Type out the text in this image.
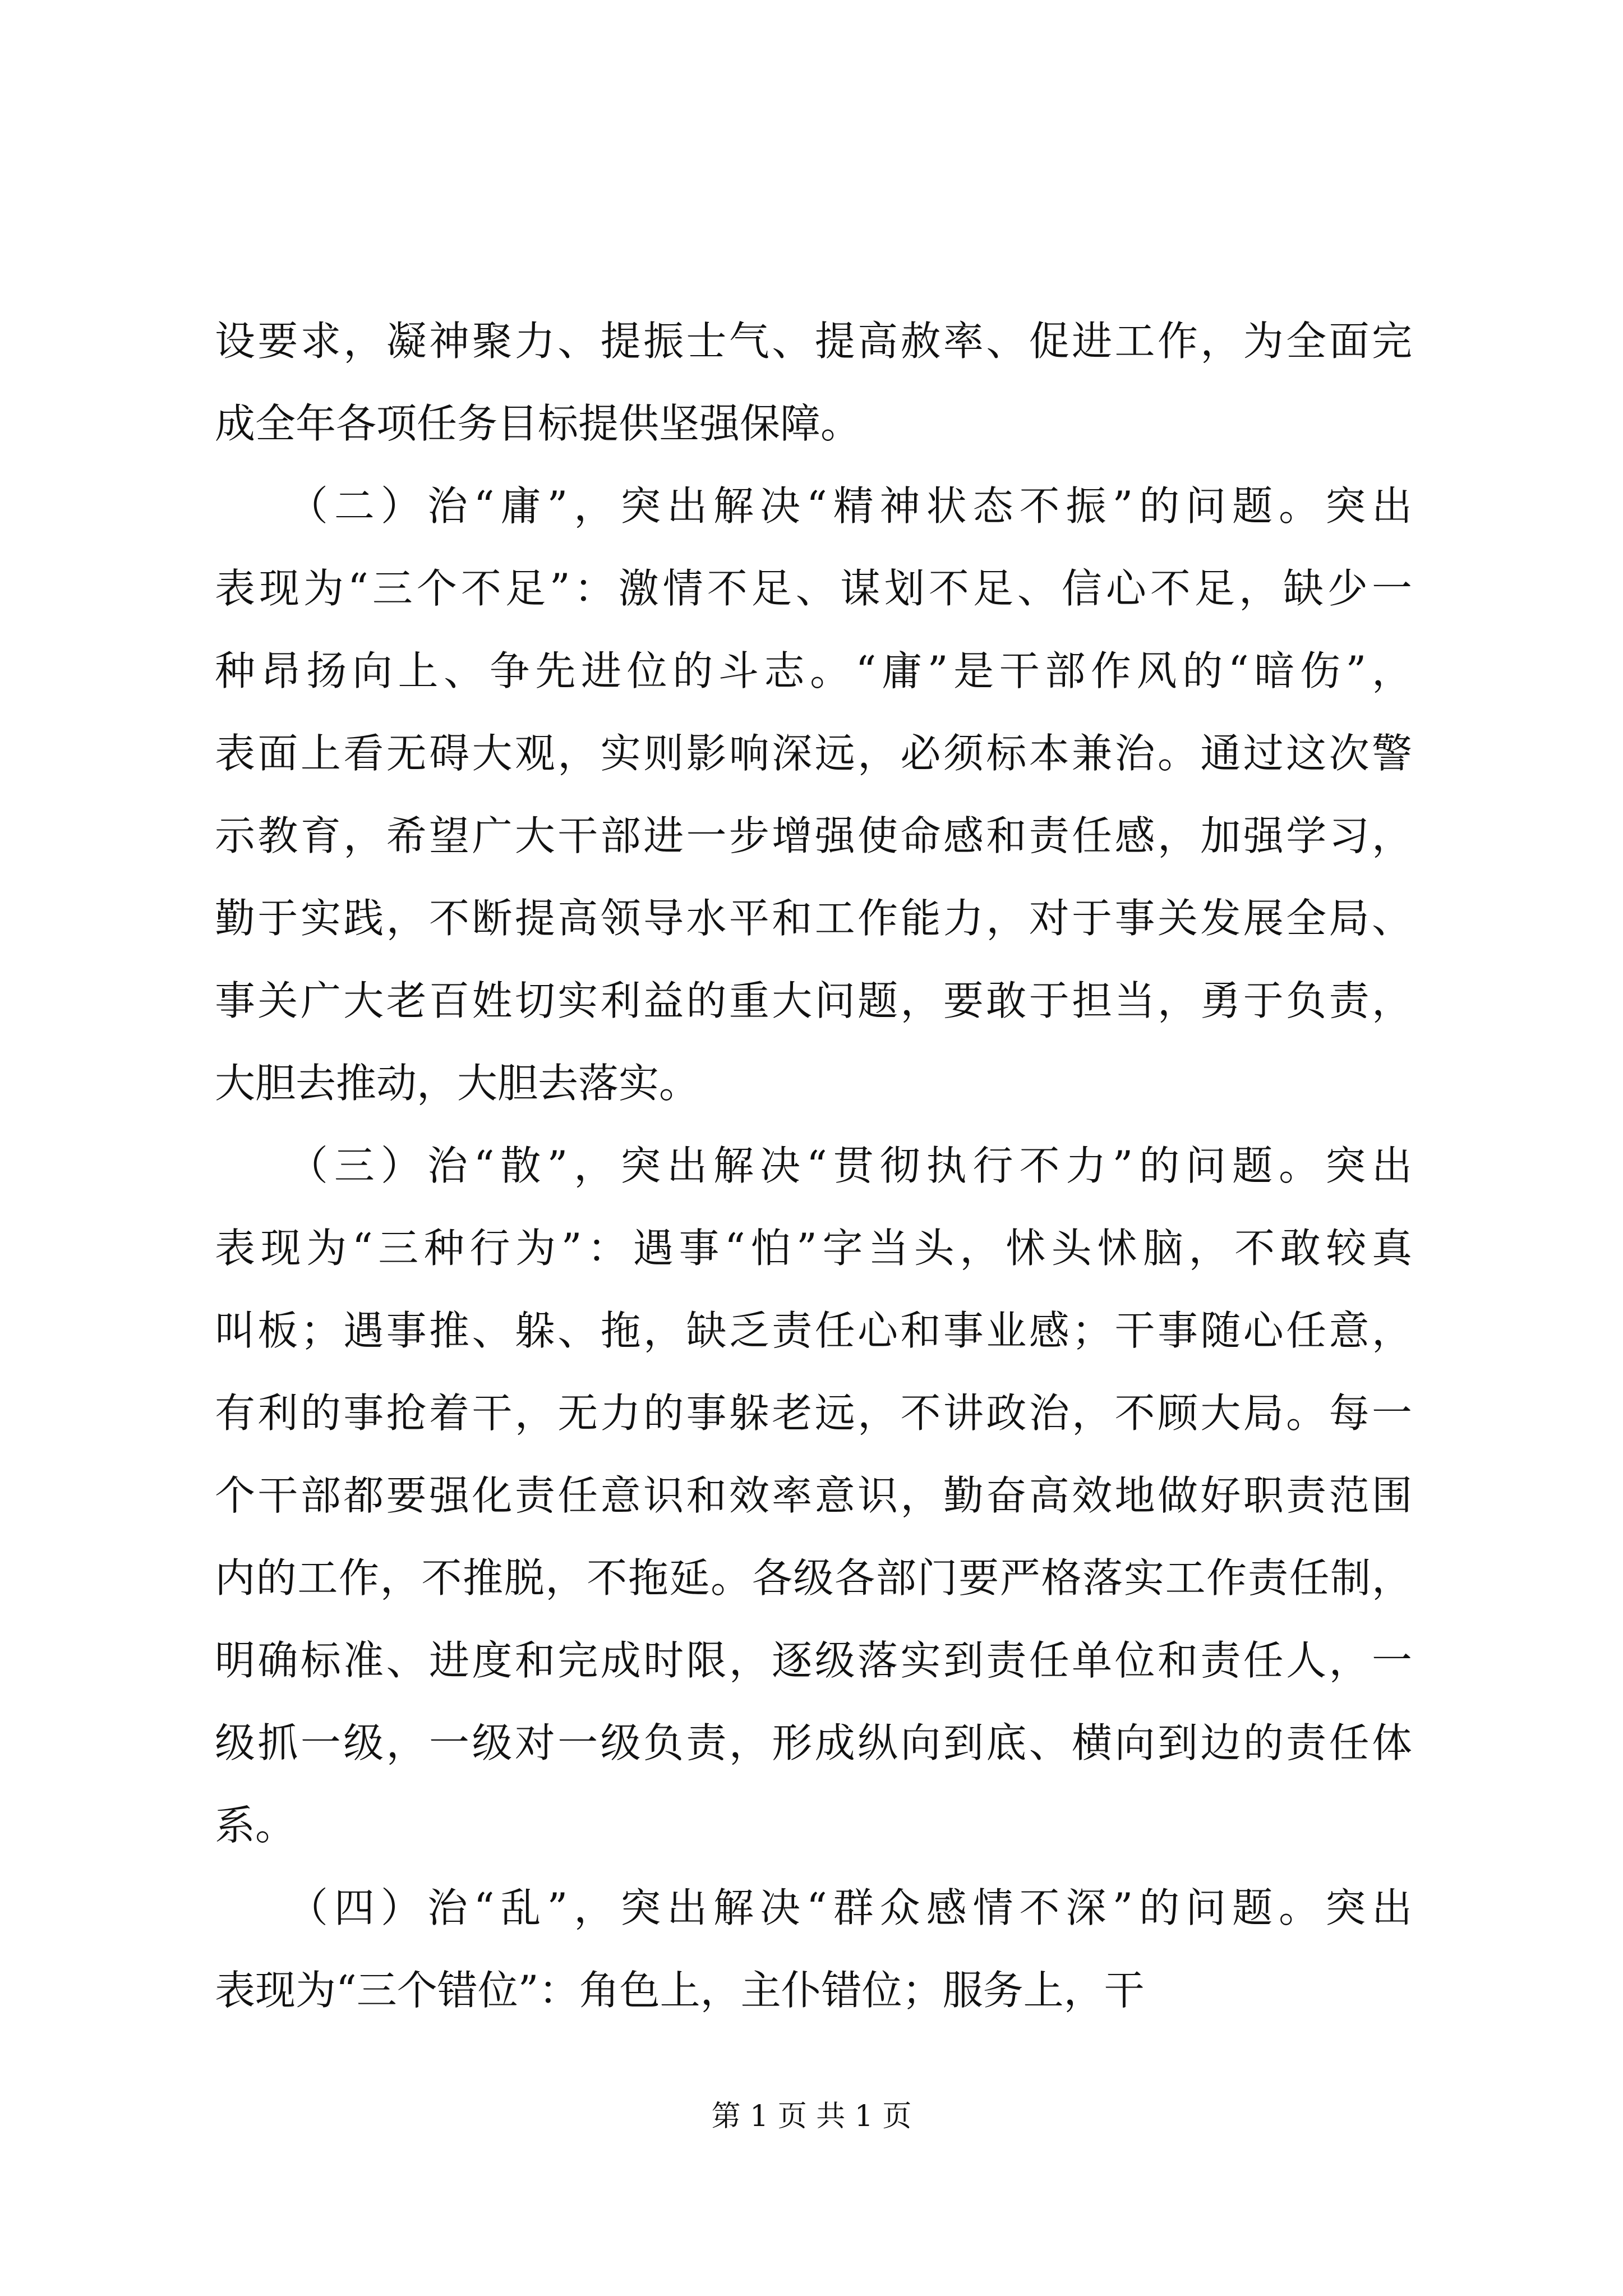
设要求，凝神聚力、提振士气、提高赦率、促进工作，为全面完
成全年各项任务目标提供坚强保障。
　　（二）治“庸”，突出解决“精神状态不振”的问题。突出
表现为“三个不足”：激情不足、谋划不足、信心不足，缺少一
种昂扬向上、争先进位的斗志。“庸”是干部作风的“暗伤”，
表面上看无碍大观，实则影响深远，必须标本兼治。通过这次警
示教育，希望广大干部进一步增强使命感和责任感，加强学习，
勤于实践，不断提高领导水平和工作能力，对于事关发展全局、
事关广大老百姓切实利益的重大问题，要敢于担当，勇于负责，
大胆去推动，大胆去落实。
　　（三）治“散”，突出解决“贯彻执行不力”的问题。突出
表现为“三种行为”：遇事“怕”字当头，怵头怵脑，不敢较真
叫板；遇事推、躲、拖，缺乏责任心和事业感；干事随心任意，
有利的事抢着干，无力的事躲老远，不讲政治，不顾大局。每一
个干部都要强化责任意识和效率意识，勤奋高效地做好职责范围
内的工作，不推脱，不拖延。各级各部门要严格落实工作责任制，
明确标准、进度和完成时限，逐级落实到责任单位和责任人，一
级抓一级，一级对一级负责，形成纵向到底、横向到边的责任体
系。
　　（四）治“乱”，突出解决“群众感情不深”的问题。突出
表现为“三个错位”：角色上，主仆错位；服务上，干
第 1 页 共 1 页
